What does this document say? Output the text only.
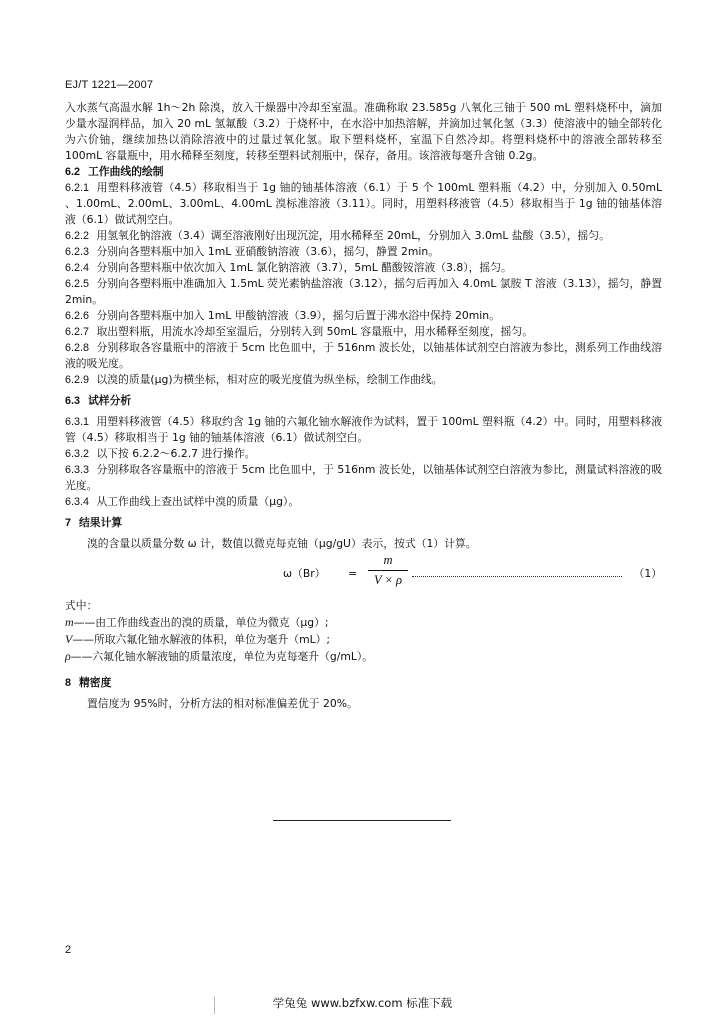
EJ/T 1221—2007

入水蒸气高温水解 1h～2h 除溴，放入干燥器中冷却至室温。准确称取 23.585g 八氧化三铀于 500 mL 塑料烧杯中，滴加少量水湿润样品，加入 20 mL 氢氟酸（3.2）于烧杯中，在水浴中加热溶解，并滴加过氧化氢（3.3）使溶液中的铀全部转化为六价铀，继续加热以消除溶液中的过量过氧化氢。取下塑料烧杯，室温下自然冷却。将塑料烧杯中的溶液全部转移至 100mL 容量瓶中，用水稀释至刻度，转移至塑料试剂瓶中，保存，备用。该溶液每毫升含铀 0.2g。

6.2 工作曲线的绘制

6.2.1 用塑料移液管（4.5）移取相当于 1g 铀的铀基体溶液（6.1）于 5 个 100mL 塑料瓶（4.2）中，分别加入 0.50mL 、1.00mL、2.00mL、3.00mL、4.00mL 溴标准溶液（3.11）。同时，用塑料移液管（4.5）移取相当于 1g 铀的铀基体溶液（6.1）做试剂空白。

6.2.2 用氢氧化钠溶液（3.4）调至溶液刚好出现沉淀，用水稀释至 20mL，分别加入 3.0mL 盐酸（3.5），摇匀。

6.2.3 分别向各塑料瓶中加入 1mL 亚硝酸钠溶液（3.6），摇匀，静置 2min。

6.2.4 分别向各塑料瓶中依次加入 1mL 氯化钠溶液（3.7），5mL 醋酸铵溶液（3.8），摇匀。

6.2.5 分别向各塑料瓶中准确加入 1.5mL 荧光素钠盐溶液（3.12），摇匀后再加入 4.0mL 氯胺 T 溶液（3.13），摇匀，静置 2min。

6.2.6 分别向各塑料瓶中加入 1mL 甲酸钠溶液（3.9），摇匀后置于沸水浴中保持 20min。

6.2.7 取出塑料瓶，用流水冷却至室温后，分别转入到 50mL 容量瓶中，用水稀释至刻度，摇匀。

6.2.8 分别移取各容量瓶中的溶液于 5cm 比色皿中，于 516nm 波长处，以铀基体试剂空白溶液为参比，测系列工作曲线溶液的吸光度。

6.2.9 以溴的质量(μg)为横坐标，相对应的吸光度值为纵坐标，绘制工作曲线。

6.3 试样分析

6.3.1 用塑料移液管（4.5）移取约含 1g 铀的六氟化铀水解液作为试料，置于 100mL 塑料瓶（4.2）中。同时，用塑料移液管（4.5）移取相当于 1g 铀的铀基体溶液（6.1）做试剂空白。

6.3.2 以下按 6.2.2～6.2.7 进行操作。

6.3.3 分别移取各容量瓶中的溶液于 5cm 比色皿中，于 516nm 波长处，以铀基体试剂空白溶液为参比，测量试料溶液的吸光度。

6.3.4 从工作曲线上查出试样中溴的质量（μg）。

7 结果计算

溴的含量以质量分数 ω 计，数值以微克每克铀（μg/gU）表示，按式（1）计算。

ω（Br） =
m
V × ρ	（1）

式中：

m——由工作曲线查出的溴的质量，单位为微克（μg）;

V——所取六氟化铀水解液的体积，单位为毫升（mL）;

ρ——六氟化铀水解液铀的质量浓度，单位为克每毫升（g/mL）。

8 精密度

置信度为 95%时，分析方法的相对标准偏差优于 20%。

2
学兔兔 www.bzfxw.com 标准下载
